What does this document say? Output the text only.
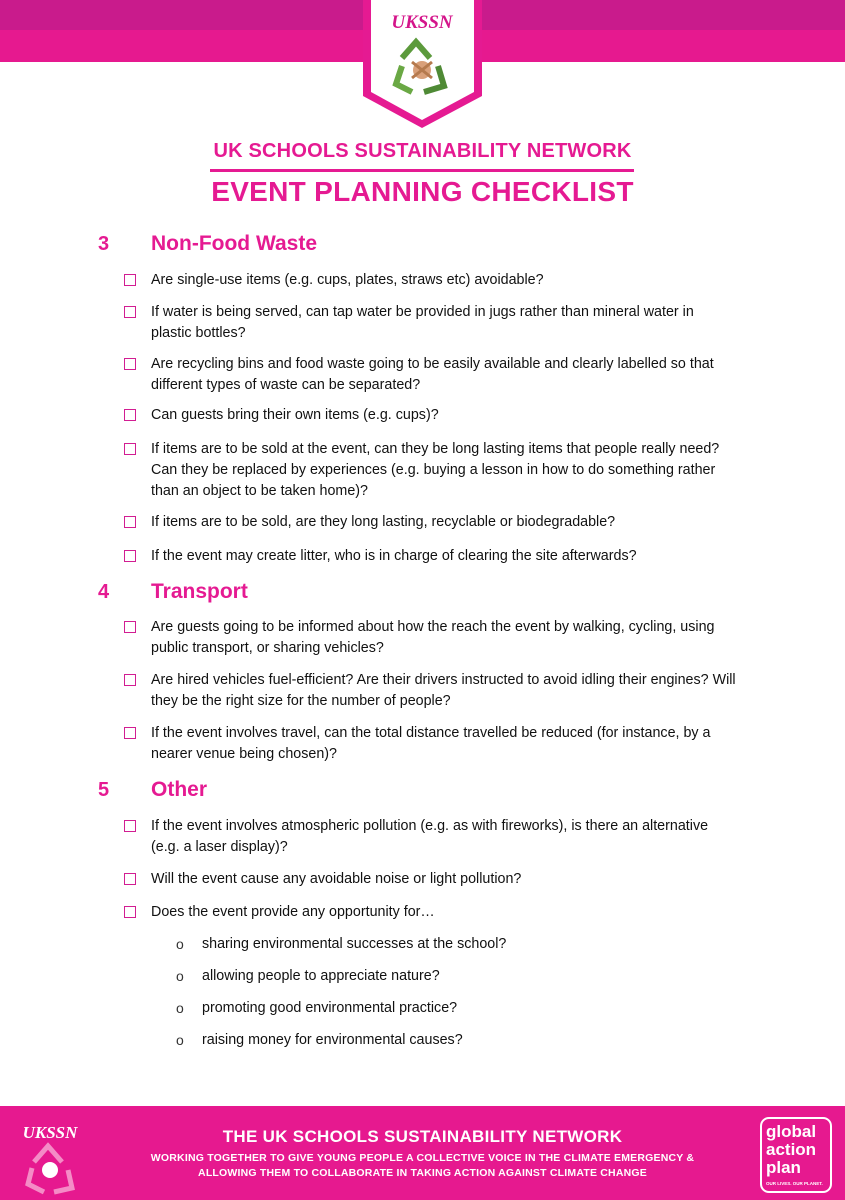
UKSSN
UK SCHOOLS SUSTAINABILITY NETWORK
EVENT PLANNING CHECKLIST
3	Non-Food Waste
Are single-use items (e.g. cups, plates, straws etc) avoidable?
If water is being served, can tap water be provided in jugs rather than mineral water in plastic bottles?
Are recycling bins and food waste going to be easily available and clearly labelled so that different types of waste can be separated?
Can guests bring their own items (e.g. cups)?
If items are to be sold at the event, can they be long lasting items that people really need? Can they be replaced by experiences (e.g. buying a lesson in how to do something rather than an object to be taken home)?
If items are to be sold, are they long lasting, recyclable or biodegradable?
If the event may create litter, who is in charge of clearing the site afterwards?
4	Transport
Are guests going to be informed about how the reach the event by walking, cycling, using public transport, or sharing vehicles?
Are hired vehicles fuel-efficient? Are their drivers instructed to avoid idling their engines? Will they be the right size for the number of people?
If the event involves travel, can the total distance travelled be reduced (for instance, by a nearer venue being chosen)?
5	Other
If the event involves atmospheric pollution (e.g. as with fireworks), is there an alternative (e.g. a laser display)?
Will the event cause any avoidable noise or light pollution?
Does the event provide any opportunity for…
o	sharing environmental successes at the school?
o	allowing people to appreciate nature?
o	promoting good environmental practice?
o	raising money for environmental causes?
UKSSN	THE UK SCHOOLS SUSTAINABILITY NETWORK
WORKING TOGETHER TO GIVE YOUNG PEOPLE A COLLECTIVE VOICE IN THE CLIMATE EMERGENCY &
ALLOWING THEM TO COLLABORATE IN TAKING ACTION AGAINST CLIMATE CHANGE
global
action
plan
OUR LIVES. OUR PLANET.
